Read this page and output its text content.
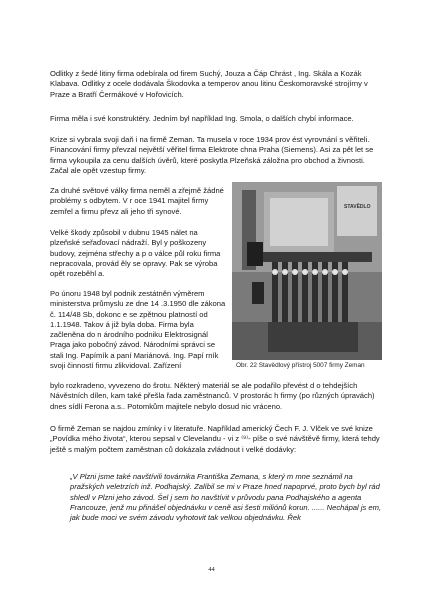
Odlitky z šedé litiny firma odebírala od firem Suchý, Jouza a Čáp Chrást , Ing. Skála a Kozák Klabava. Odlitky z ocele dodávala Škodovka a temperov anou litinu Českomoravské strojírny v Praze a Bratří Čermákové v Hořovicích.

Firma měla i své konstruktéry. Jedním byl například Ing. Smola, o dalších chybí informace.

Krize si vybrala svoji daň i na firmě Zeman. Ta musela v roce 1934 prov ést vyrovnání s věřiteli. Financování firmy převzal největší věřitel firma Elektrote chna Praha (Siemens). Asi za pět let se firma vykoupila za cenu dalších úvěrů, které poskytla Plzeňská záložna pro obchod a živnosti. Začal ale opět vzestup firmy.

Za druhé světové války firma neměl a zřejmě žádné problémy s odbytem. V r oce 1941 majitel firmy zemřel a firmu převz ali jeho tři synové.

Velké škody způsobil v dubnu 1945 nálet na plzeňské seřaďovací nádraží. Byl y poškozeny budovy, zejména střechy a p o válce půl roku firma nepracovala, provád ěly se opravy. Pak se výroba opět rozeběhl a.

Po únoru 1948 byl podnik zestátněn výměrem ministerstva průmyslu ze dne 14 .3.1950 dle zákona č. 114/48 Sb, dokonc e se zpětnou platností od 1.1.1948. Takov á již byla doba. Firma byla začleněna do n árodního podniku Elektrosignál Praga jako pobočný závod. Národními správci se stali Ing. Papímík a paní Mariánová. Ing. Papí rník svoji činností firmu zlikvidoval. Zařízení

STAVĚDLO
Obr. 22 Stavědlový přístroj 5007 firmy Zeman

bylo rozkradeno, vyvezeno do šrotu. Některý materiál se ale podařilo převést d o tehdejších Návěstních dílen, kam také přešla řada zaměstnanců. V prostorác h firmy (po různých úpravách) dnes sídlí Ferona a.s.. Potomkům majitele nebylo dosud nic vráceno.

O firmě Zeman se najdou zmínky i v literatuře. Například americký Čech F. J. Vlček ve své knize „Povídka mého života“, kterou sepsal v Clevelandu - vi z ⁽⁹⁾- píše o své návštěvě firmy, která tehdy ještě s malým počtem zaměstnan ců dokázala zvládnout i velké dodávky:

„V Plzni jsme také navštívili továrnika Františka Zemana, s který m mne seznámil na pražských veletrzích inž. Podhajský. Zalíbil se mi v Praze hned napoprvé, proto bych byl rád shledl v Plzni jeho závod. Šel j sem ho navštívit v průvodu pana Podhajského a agenta Francouze, jenž mu přinášel objednávku v ceně asi šesti miliónů korun. ...... Nechápal js em, jak bude moci ve svém závodu vyhotovit tak velkou objednávku. Řek

44
